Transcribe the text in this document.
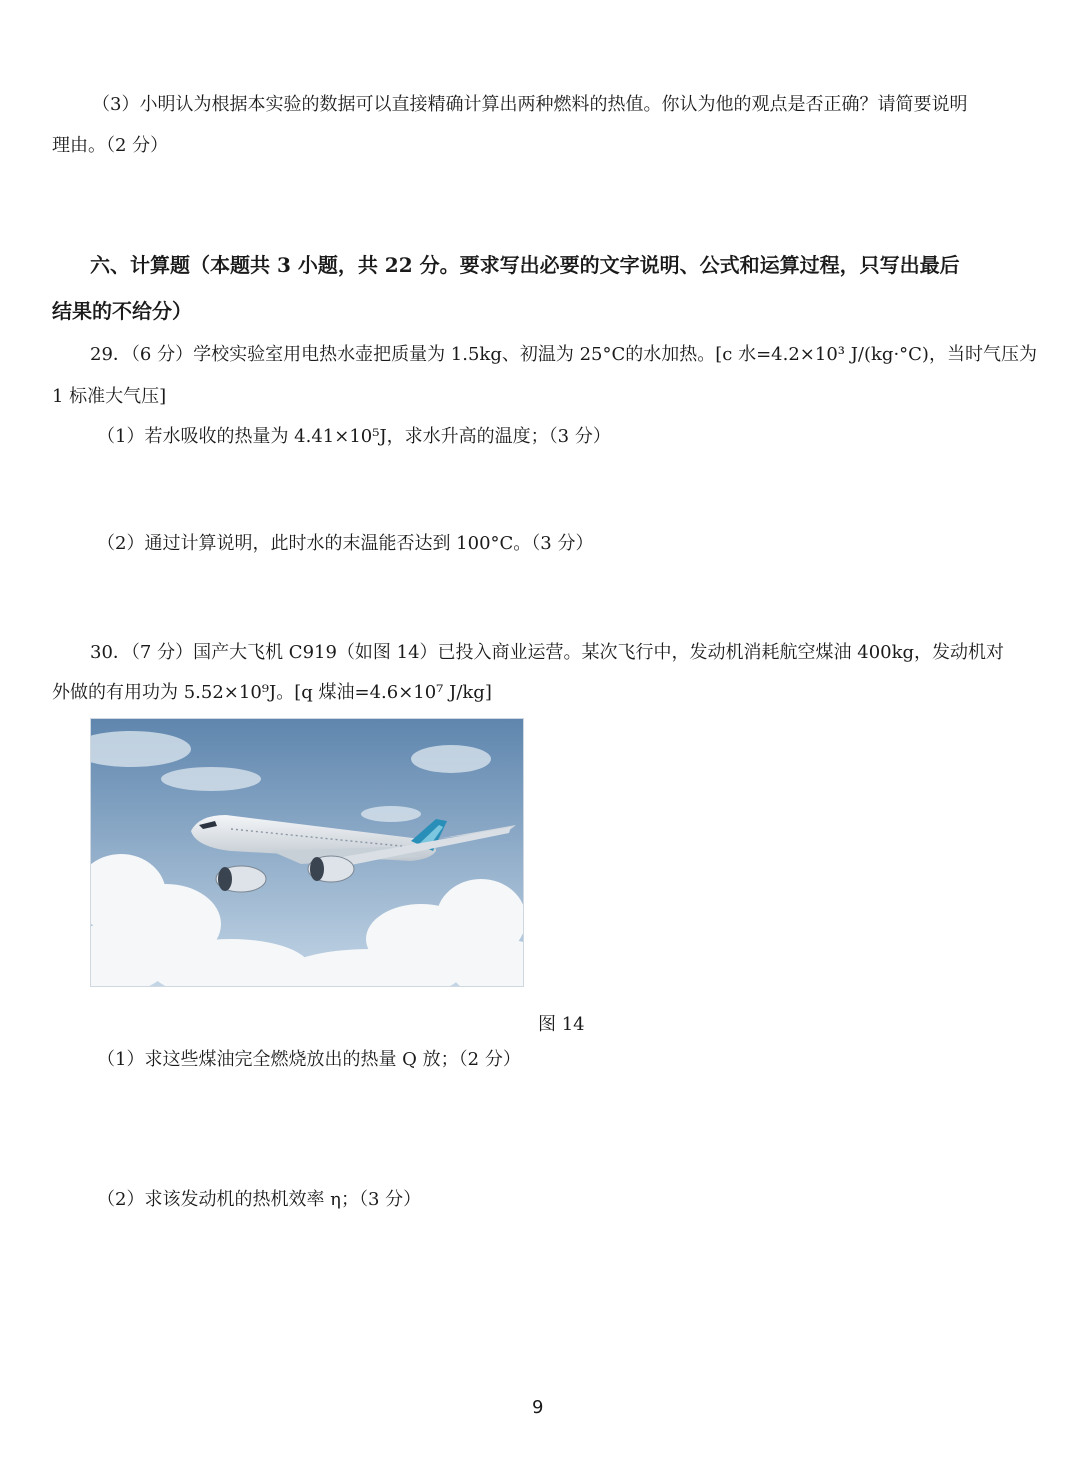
（3）小明认为根据本实验的数据可以直接精确计算出两种燃料的热值。你认为他的观点是否正确？请简要说明
理由。（2 分）
六、计算题（本题共 3 小题，共 22 分。要求写出必要的文字说明、公式和运算过程，只写出最后
结果的不给分）
29．（6 分）学校实验室用电热水壶把质量为 1.5kg、初温为 25°C的水加热。[c 水=4.2×10³ J/(kg·°C)，当时气压为
1 标准大气压]
（1）若水吸收的热量为 4.41×10⁵J，求水升高的温度；（3 分）
（2）通过计算说明，此时水的末温能否达到 100°C。（3 分）
30．（7 分）国产大飞机 C919（如图 14）已投入商业运营。某次飞行中，发动机消耗航空煤油 400kg，发动机对
外做的有用功为 5.52×10⁹J。[q 煤油=4.6×10⁷ J/kg]
图 14
（1）求这些煤油完全燃烧放出的热量 Q 放；（2 分）
（2）求该发动机的热机效率 η；（3 分）
9
